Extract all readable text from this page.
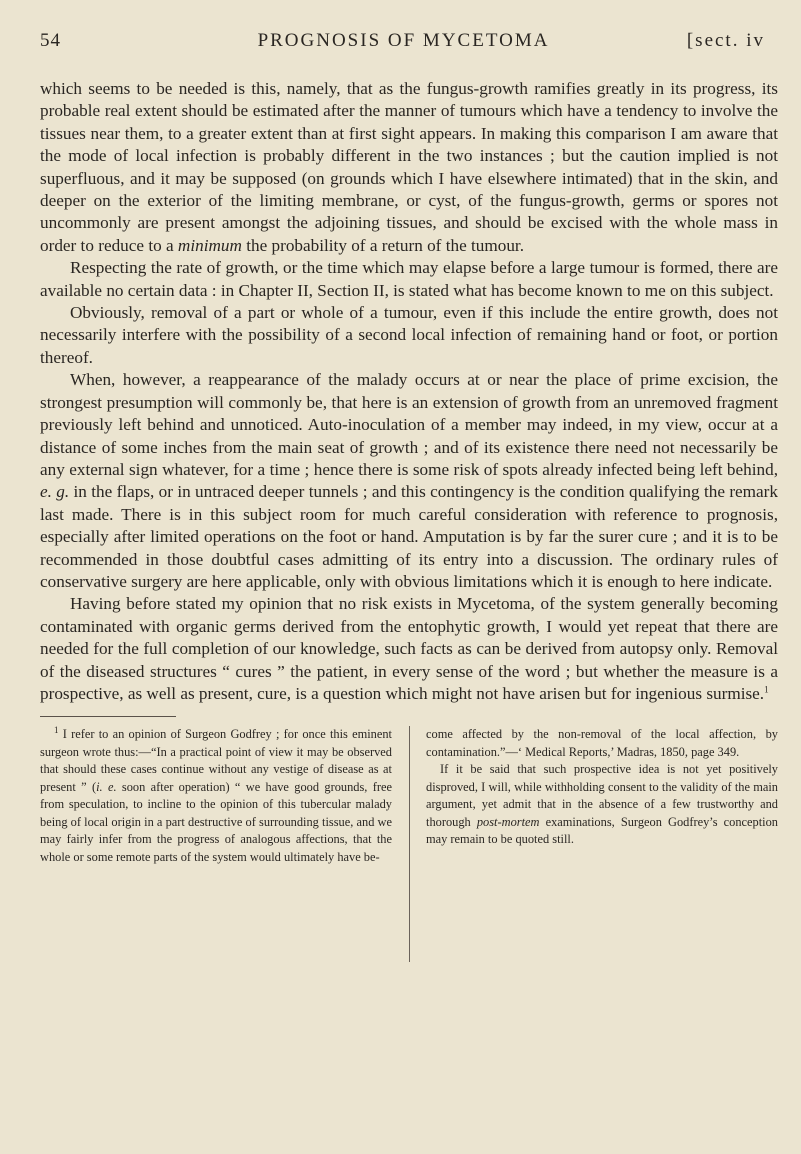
54	PROGNOSIS OF MYCETOMA	[sect. iv

which seems to be needed is this, namely, that as the fungus-growth ramifies greatly in its progress, its probable real extent should be estimated after the manner of tumours which have a tendency to involve the tissues near them, to a greater extent than at first sight appears. In making this comparison I am aware that the mode of local infection is probably different in the two instances ; but the caution implied is not superfluous, and it may be supposed (on grounds which I have elsewhere intimated) that in the skin, and deeper on the exterior of the limiting membrane, or cyst, of the fungus-growth, germs or spores not uncommonly are present amongst the adjoining tissues, and should be excised with the whole mass in order to reduce to a minimum the probability of a return of the tumour.

Respecting the rate of growth, or the time which may elapse before a large tumour is formed, there are available no certain data : in Chapter II, Section II, is stated what has become known to me on this subject.

Obviously, removal of a part or whole of a tumour, even if this include the entire growth, does not necessarily interfere with the possibility of a second local infection of remaining hand or foot, or portion thereof.

When, however, a reappearance of the malady occurs at or near the place of prime excision, the strongest presumption will commonly be, that here is an extension of growth from an unremoved fragment previously left behind and unnoticed. Auto-inoculation of a member may indeed, in my view, occur at a distance of some inches from the main seat of growth ; and of its existence there need not necessarily be any external sign whatever, for a time ; hence there is some risk of spots already infected being left behind, e. g. in the flaps, or in untraced deeper tunnels ; and this contingency is the condition qualifying the remark last made. There is in this subject room for much careful consideration with reference to prognosis, especially after limited operations on the foot or hand. Amputation is by far the surer cure ; and it is to be recommended in those doubtful cases admitting of its entry into a discussion. The ordinary rules of conservative surgery are here applicable, only with obvious limitations which it is enough to here indicate.

Having before stated my opinion that no risk exists in Mycetoma, of the system generally becoming contaminated with organic germs derived from the entophytic growth, I would yet repeat that there are needed for the full completion of our knowledge, such facts as can be derived from autopsy only. Removal of the diseased structures “ cures ” the patient, in every sense of the word ; but whether the measure is a prospective, as well as present, cure, is a question which might not have arisen but for ingenious surmise.$^1$

$^1$ I refer to an opinion of Surgeon Godfrey ; for once this eminent surgeon wrote thus:—“In a practical point of view it may be observed that should these cases continue without any vestige of disease as at present ” (i. e. soon after operation) “ we have good grounds, free from speculation, to incline to the opinion of this tubercular malady being of local origin in a part destructive of surrounding tissue, and we may fairly infer from the progress of analogous affections, that the whole or some remote parts of the system would ultimately have be-

come affected by the non-removal of the local affection, by contamination.”—‘ Medical Reports,’ Madras, 1850, page 349.

If it be said that such prospective idea is not yet positively disproved, I will, while withholding consent to the validity of the main argument, yet admit that in the absence of a few trustworthy and thorough post-mortem examinations, Surgeon Godfrey’s conception may remain to be quoted still.
